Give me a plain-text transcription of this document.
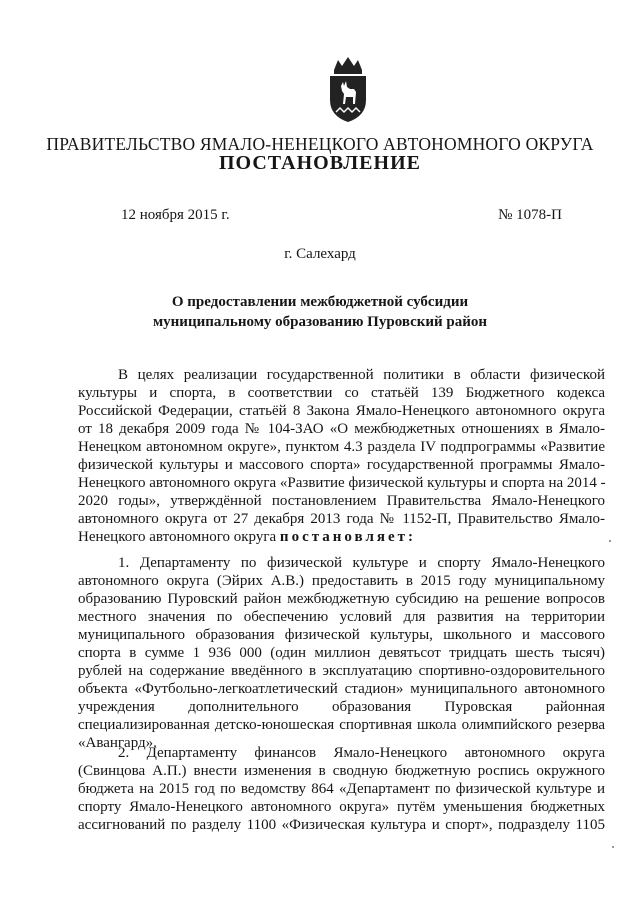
ПРАВИТЕЛЬСТВО ЯМАЛО-НЕНЕЦКОГО АВТОНОМНОГО ОКРУГА
ПОСТАНОВЛЕНИЕ
12 ноября 2015 г.	№ 1078-П
г. Салехард
О предоставлении межбюджетной субсидии
муниципальному образованию Пуровский район
В целях реализации государственной политики в области физической
культуры и спорта, в соответствии со статьёй 139 Бюджетного кодекса
Российской Федерации, статьёй 8 Закона Ямало-Ненецкого автономного округа
от 18 декабря 2009 года № 104-ЗАО «О межбюджетных отношениях в Ямало-
Ненецком автономном округе», пунктом 4.3 раздела IV подпрограммы «Развитие
физической культуры и массового спорта» государственной программы Ямало-
Ненецкого автономного округа «Развитие физической культуры и спорта на 2014 -
2020 годы», утверждённой постановлением Правительства Ямало-Ненецкого
автономного округа от 27 декабря 2013 года № 1152-П, Правительство Ямало-
Ненецкого автономного округа постановляет:
1. Департаменту по физической культуре и спорту Ямало-Ненецкого
автономного округа (Эйрих А.В.) предоставить в 2015 году муниципальному
образованию Пуровский район межбюджетную субсидию на решение вопросов
местного значения по обеспечению условий для развития на территории
муниципального образования физической культуры, школьного и массового
спорта в сумме 1 936 000 (один миллион девятьсот тридцать шесть тысяч)
рублей на содержание введённого в эксплуатацию спортивно-оздоровительного
объекта «Футбольно-легкоатлетический стадион» муниципального автономного
учреждения дополнительного образования Пуровская районная
специализированная детско-юношеская спортивная школа олимпийского резерва
«Авангард».
2. Департаменту финансов Ямало-Ненецкого автономного округа
(Свинцова А.П.) внести изменения в сводную бюджетную роспись окружного
бюджета на 2015 год по ведомству 864 «Департамент по физической культуре и
спорту Ямало-Ненецкого автономного округа» путём уменьшения бюджетных
ассигнований по разделу 1100 «Физическая культура и спорт», подразделу 1105
